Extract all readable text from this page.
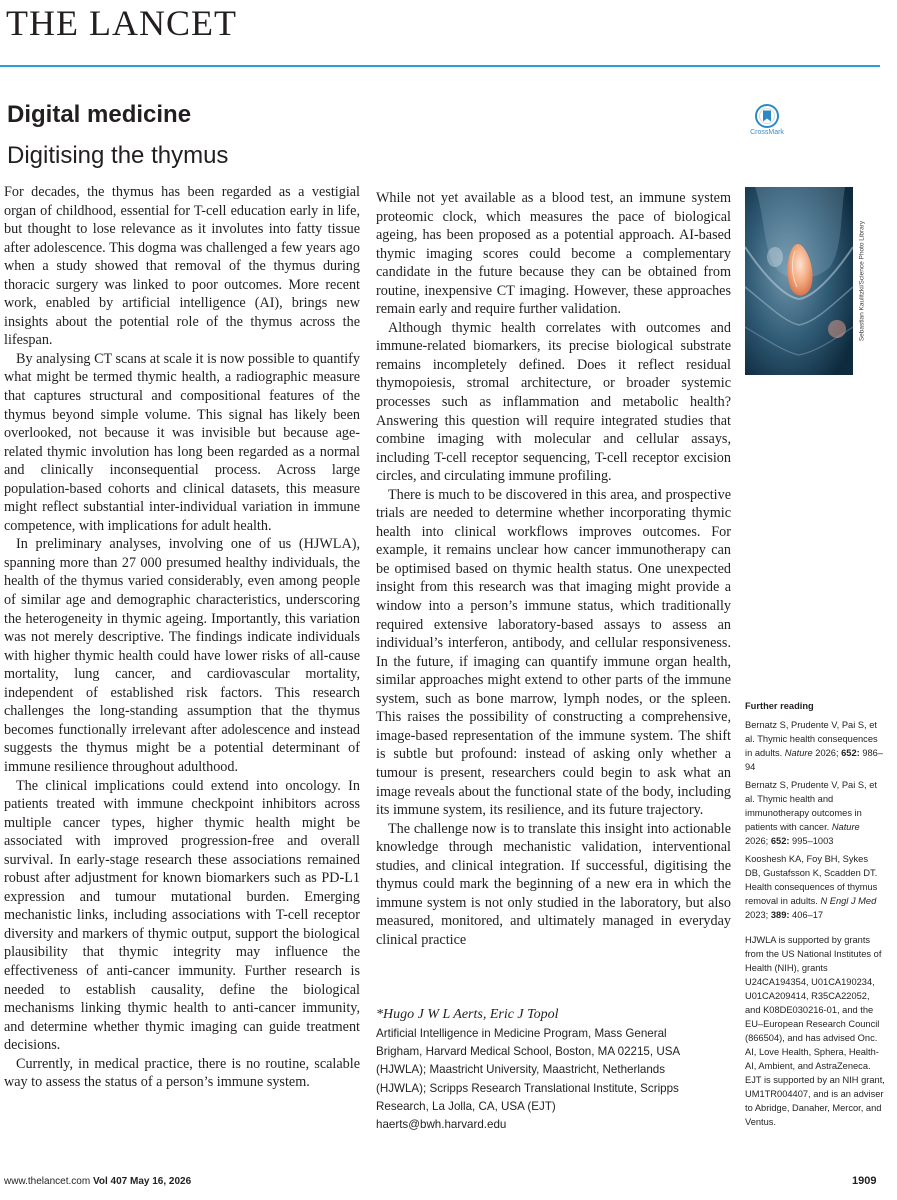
THE LANCET
Digital medicine
Digitising the thymus
CrossMark

For decades, the thymus has been regarded as a vestigial organ of childhood, essential for T-cell education early in life, but thought to lose relevance as it involutes into fatty tissue after adolescence. This dogma was challenged a few years ago when a study showed that removal of the thymus during thoracic surgery was linked to poor outcomes. More recent work, enabled by artificial intelligence (AI), brings new insights about the potential role of the thymus across the lifespan.

By analysing CT scans at scale it is now possible to quantify what might be termed thymic health, a radiographic measure that captures structural and compositional features of the thymus beyond simple volume. This signal has likely been overlooked, not because it was invisible but because age-related thymic involution has long been regarded as a normal and clinically inconsequential process. Across large population-based cohorts and clinical datasets, this measure might reflect substantial inter-individual variation in immune competence, with implications for adult health.

In preliminary analyses, involving one of us (HJWLA), spanning more than 27 000 presumed healthy individuals, the health of the thymus varied considerably, even among people of similar age and demographic characteristics, underscoring the heterogeneity in thymic ageing. Importantly, this variation was not merely descriptive. The findings indicate individuals with higher thymic health could have lower risks of all-cause mortality, lung cancer, and cardiovascular mortality, independent of established risk factors. This research challenges the long-standing assumption that the thymus becomes functionally irrelevant after adolescence and instead suggests the thymus might be a potential determinant of immune resilience throughout adulthood.

The clinical implications could extend into oncology. In patients treated with immune checkpoint inhibitors across multiple cancer types, higher thymic health might be associated with improved progression-free and overall survival. In early-stage research these associations remained robust after adjustment for known biomarkers such as PD-L1 expression and tumour mutational burden. Emerging mechanistic links, including associations with T-cell receptor diversity and markers of thymic output, support the biological plausibility that thymic integrity may influence the effectiveness of anti-cancer immunity. Further research is needed to establish causality, define the biological mechanisms linking thymic health to anti-cancer immunity, and determine whether thymic imaging can guide treatment decisions.

Currently, in medical practice, there is no routine, scalable way to assess the status of a person’s immune system.

While not yet available as a blood test, an immune system proteomic clock, which measures the pace of biological ageing, has been proposed as a potential approach. AI-based thymic imaging scores could become a complementary candidate in the future because they can be obtained from routine, inexpensive CT imaging. However, these approaches remain early and require further validation.

Although thymic health correlates with outcomes and immune-related biomarkers, its precise biological substrate remains incompletely defined. Does it reflect residual thymopoiesis, stromal architecture, or broader systemic processes such as inflammation and metabolic health? Answering this question will require integrated studies that combine imaging with molecular and cellular assays, including T-cell receptor sequencing, T-cell receptor excision circles, and circulating immune profiling.

There is much to be discovered in this area, and prospective trials are needed to determine whether incorporating thymic health into clinical workflows improves outcomes. For example, it remains unclear how cancer immunotherapy can be optimised based on thymic health status. One unexpected insight from this research was that imaging might provide a window into a person’s immune status, which traditionally required extensive laboratory-based assays to assess an individual’s interferon, antibody, and cellular responsiveness. In the future, if imaging can quantify immune organ health, similar approaches might extend to other parts of the immune system, such as bone marrow, lymph nodes, or the spleen. This raises the possibility of constructing a comprehensive, image-based representation of the immune system. The shift is subtle but profound: instead of asking only whether a tumour is present, researchers could begin to ask what an image reveals about the functional state of the body, including its immune system, its resilience, and its future trajectory.

The challenge now is to translate this insight into actionable knowledge through mechanistic validation, interventional studies, and clinical integration. If successful, digitising the thymus could mark the beginning of a new era in which the immune system is not only studied in the laboratory, but also measured, monitored, and ultimately managed in everyday clinical practice

*Hugo J W L Aerts, Eric J Topol
Artificial Intelligence in Medicine Program, Mass General Brigham, Harvard Medical School, Boston, MA 02215, USA (HJWLA); Maastricht University, Maastricht, Netherlands (HJWLA); Scripps Research Translational Institute, Scripps Research, La Jolla, CA, USA (EJT)
haerts@bwh.harvard.edu
Sebastian Kaulitzki/Science Photo Library
Further reading
Bernatz S, Prudente V, Pai S, et al. Thymic health consequences in adults. Nature 2026; 652: 986–94
Bernatz S, Prudente V, Pai S, et al. Thymic health and immunotherapy outcomes in patients with cancer. Nature 2026; 652: 995–1003
Kooshesh KA, Foy BH, Sykes DB, Gustafsson K, Scadden DT. Health consequences of thymus removal in adults. N Engl J Med 2023; 389: 406–17
HJWLA is supported by grants from the US National Institutes of Health (NIH), grants U24CA194354, U01CA190234, U01CA209414, R35CA22052, and K08DE030216-01, and the EU–European Research Council (866504), and has advised Onc. AI, Love Health, Sphera, Health-AI, Ambient, and AstraZeneca. EJT is supported by an NIH grant, UM1TR004407, and is an adviser to Abridge, Danaher, Mercor, and Ventus.
www.thelancet.com Vol 407 May 16, 2026	1909
